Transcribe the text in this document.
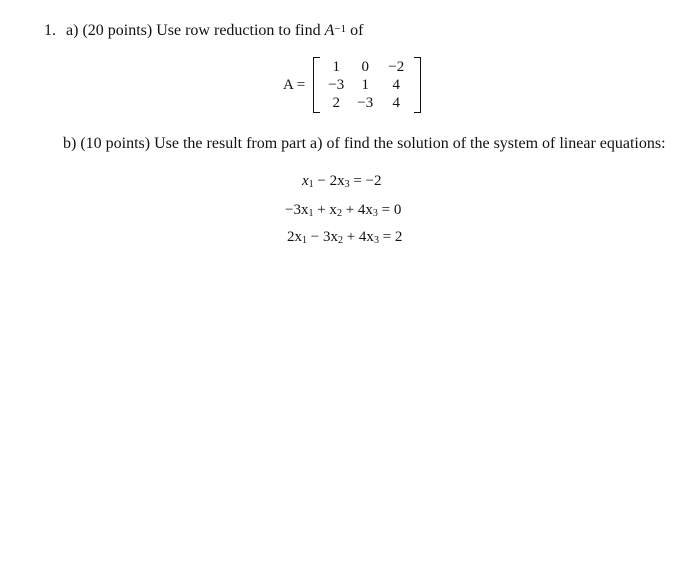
1. a) (20 points) Use row reduction to find $A^{-1}$ of
A =
1	0	−2
−3	1	4
2	−3	4
b) (10 points) Use the result from part a) of find the solution of the system of linear equations:
$x_1 - 2x_3 = -2$
$-3x_1 + x_2 + 4x_3 = 0$
$2x_1 - 3x_2 + 4x_3 = 2$
